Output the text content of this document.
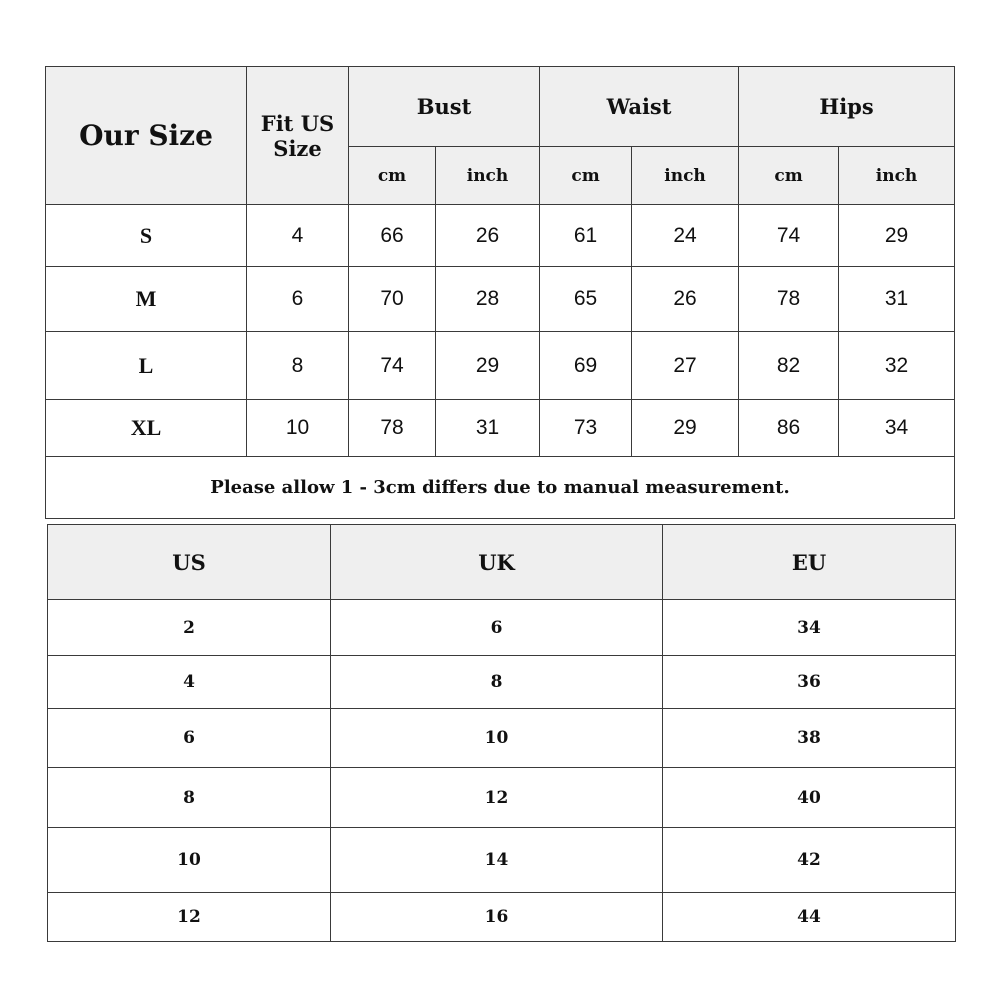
Our Size	Fit US Size	Bust		Waist		Hips	
		cm	inch	cm	inch	cm	inch
S	4	66	26	61	24	74	29
M	6	70	28	65	26	78	31
L	8	74	29	69	27	82	32
XL	10	78	31	73	29	86	34
Please allow 1 - 3cm differs due to manual measurement.							
US	UK	EU
2	6	34
4	8	36
6	10	38
8	12	40
10	14	42
12	16	44
